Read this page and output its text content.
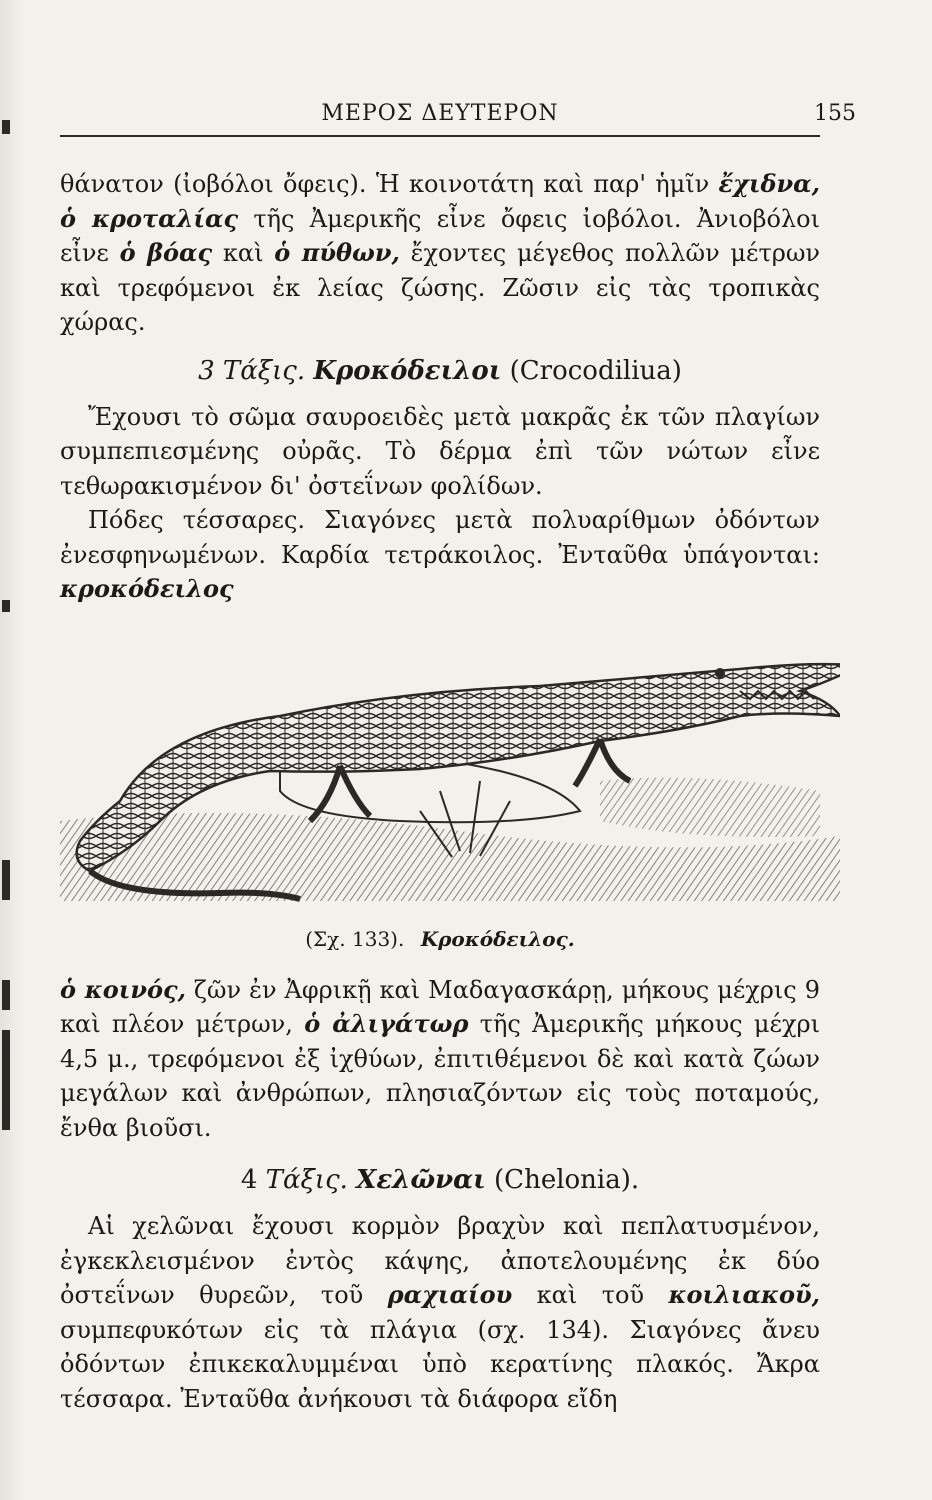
ΜΕΡΟΣ ΔΕΥΤΕΡΟΝ	155

θάνατον (ἰοβόλοι ὄφεις). Ἡ κοινοτάτη καὶ παρ' ἡμῖν ἔχιδνα, ὁ κροταλίας τῆς Ἀμερικῆς εἶνε ὄφεις ἰοβόλοι. Ἀνιοβόλοι εἶνε ὁ βόας καὶ ὁ πύθων, ἔχοντες μέγεθος πολλῶν μέτρων καὶ τρεφόμενοι ἐκ λείας ζώσης. Ζῶσιν εἰς τὰς τροπικὰς χώρας.

3 Τάξις. Κροκόδειλοι (Crocodiliua)

Ἔχουσι τὸ σῶμα σαυροειδὲς μετὰ μακρᾶς ἐκ τῶν πλαγίων συμπεπιεσμένης οὐρᾶς. Τὸ δέρμα ἐπὶ τῶν νώτων εἶνε τεθωρακισμένον δι' ὀστεΐνων φολίδων.

Πόδες τέσσαρες. Σιαγόνες μετὰ πολυαρίθμων ὀδόντων ἐνεσφηνωμένων. Καρδία τετράκοιλος. Ἐνταῦθα ὑπάγονται: κροκόδειλος

(Σχ. 133). Κροκόδειλος.

ὁ κοινός, ζῶν ἐν Ἀφρικῇ καὶ Μαδαγασκάρῃ, μήκους μέχρις 9 καὶ πλέον μέτρων, ὁ ἀλιγάτωρ τῆς Ἀμερικῆς μήκους μέχρι 4,5 μ., τρεφόμενοι ἐξ ἰχθύων, ἐπιτιθέμενοι δὲ καὶ κατὰ ζώων μεγάλων καὶ ἀνθρώπων, πλησιαζόντων εἰς τοὺς ποταμούς, ἔνθα βιοῦσι.

4 Τάξις. Χελῶναι (Chelonia).

Αἱ χελῶναι ἔχουσι κορμὸν βραχὺν καὶ πεπλατυσμένον, ἐγκεκλεισμένον ἐντὸς κάψης, ἀποτελουμένης ἐκ δύο ὀστεΐνων θυρεῶν, τοῦ ραχιαίου καὶ τοῦ κοιλιακοῦ, συμπεφυκότων εἰς τὰ πλάγια (σχ. 134). Σιαγόνες ἄνευ ὀδόντων ἐπικεκαλυμμέναι ὑπὸ κερατίνης πλακός. Ἄκρα τέσσαρα. Ἐνταῦθα ἀνήκουσι τὰ διάφορα εἴδη
